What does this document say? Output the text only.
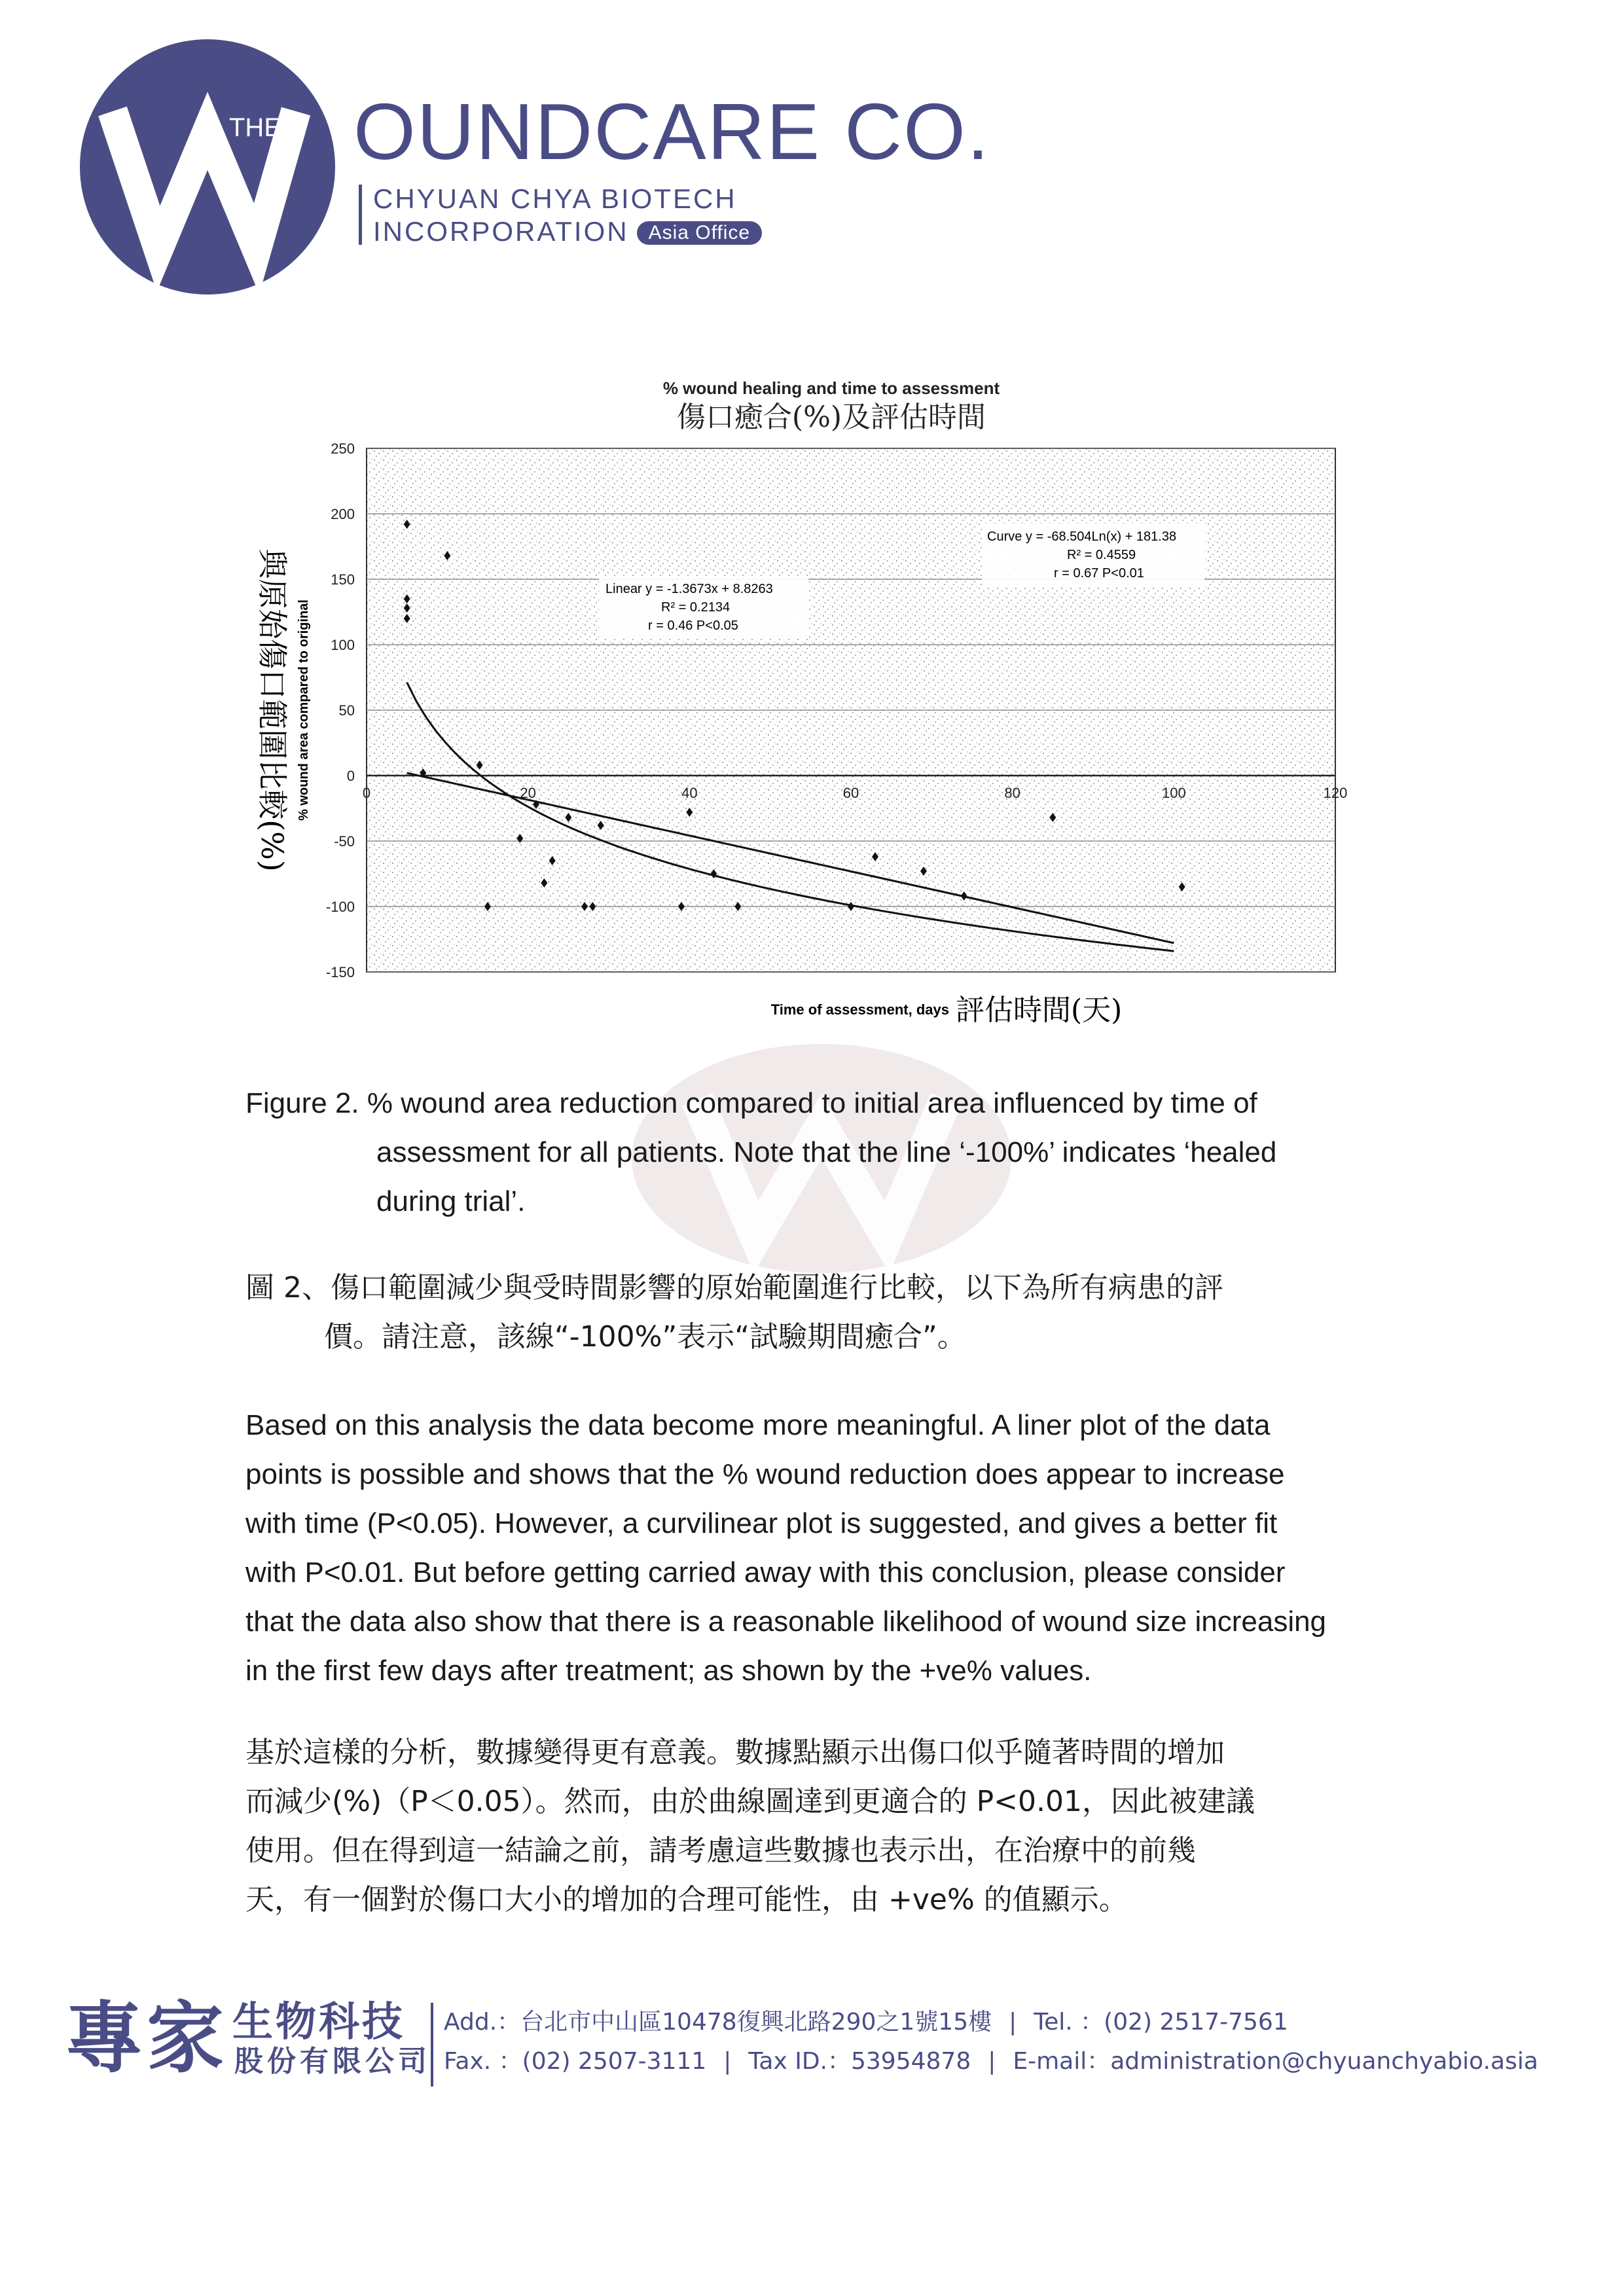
THE OUNDCARE CO.
CHYUAN CHYA BIOTECH
INCORPORATION Asia Office
% wound healing and time to assessment
傷口癒合(%)及評估時間
-150
-100
-50
0
50
100
150
200
250
0	20	40	60	80	100	120
Linear y = -1.3673x + 8.8263
R² = 0.2134
r = 0.46 P<0.05
Curve y = -68.504Ln(x) + 181.38
R² = 0.4559
r = 0.67 P<0.01
% wound area compared to original
與原始傷口範圍比較(%)
Time of assessment, days 評估時間(天)
Figure 2. % wound area reduction compared to initial area influenced by time of
assessment for all patients. Note that the line ‘-100%’ indicates ‘healed
during trial’.
圖 2、傷口範圍減少與受時間影響的原始範圍進行比較，以下為所有病患的評
價。請注意，該線“-100%”表示“試驗期間癒合”。
Based on this analysis the data become more meaningful. A liner plot of the data
points is possible and shows that the % wound reduction does appear to increase
with time (P<0.05). However, a curvilinear plot is suggested, and gives a better fit
with P<0.01. But before getting carried away with this conclusion, please consider
that the data also show that there is a reasonable likelihood of wound size increasing
in the first few days after treatment; as shown by the +ve% values.
基於這樣的分析，數據變得更有意義。數據點顯示出傷口似乎隨著時間的增加
而減少(%)（P＜0.05）。然而，由於曲線圖達到更適合的 P<0.01，因此被建議
使用。但在得到這一結論之前，請考慮這些數據也表示出，在治療中的前幾
天，有一個對於傷口大小的增加的合理可能性，由 +ve% 的值顯示。
專家 生物科技
股份有限公司
Add.：台北市中山區10478復興北路290之1號15樓 | Tel. ：(02) 2517-7561
Fax. ：(02) 2507-3111 | Tax ID.：53954878 | E-mail：administration@chyuanchyabio.asia
